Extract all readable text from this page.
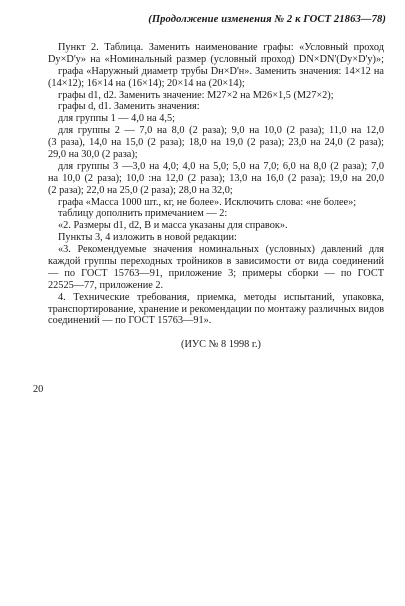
(Продолжение изменения № 2 к ГОСТ 21863—78)
Пункт 2. Таблица. Заменить наименование графы: «Условный проход
Dy×D'y» на «Номинальный размер (условный проход) DN×DN'(Dy×D'y)»;
графа «Наружный диаметр трубы Dн×D'н». Заменить значения: 14×12 на
(14×12); 16×14 на (16×14); 20×14 на (20×14);
графы d1, d2. Заменить значение: М27×2 на М26×1,5 (М27×2);
графы d, d1. Заменить значения:
для группы 1 — 4,0 на 4,5;
для группы 2 — 7,0 на 8,0 (2 раза); 9,0 на 10,0 (2 раза); 11,0 на 12,0
(3 раза), 14,0 на 15,0 (2 раза); 18,0 на 19,0 (2 раза); 23,0 на 24,0 (2 раза);
29,0 на 30,0 (2 раза);
для группы 3 —3,0 на 4,0; 4,0 на 5,0; 5,0 на 7,0; 6,0 на 8,0 (2 раза); 7,0
на 10,0 (2 раза); 10,0 :на 12,0 (2 раза); 13,0 на 16,0 (2 раза); 19,0 на 20,0
(2 раза); 22,0 на 25,0 (2 раза); 28,0 на 32,0;
графа «Масса 1000 шт., кг, не более». Исключить слова: «не более»;
таблицу дополнить примечанием — 2:
«2. Размеры d1, d2, В и масса указаны для справок».
Пункты 3, 4 изложить в новой редакции:
«3. Рекомендуемые значения номинальных (условных) давлений для
каждой группы переходных тройников в зависимости от вида соединений
— по ГОСТ 15763—91, приложение 3; примеры сборки — по ГОСТ
22525—77, приложение 2.
4. Технические требования, приемка, методы испытаний, упаковка,
транспортирование, хранение и рекомендации по монтажу различных видов
соединений — по ГОСТ 15763—91».
(ИУС № 8 1998 г.)
20
